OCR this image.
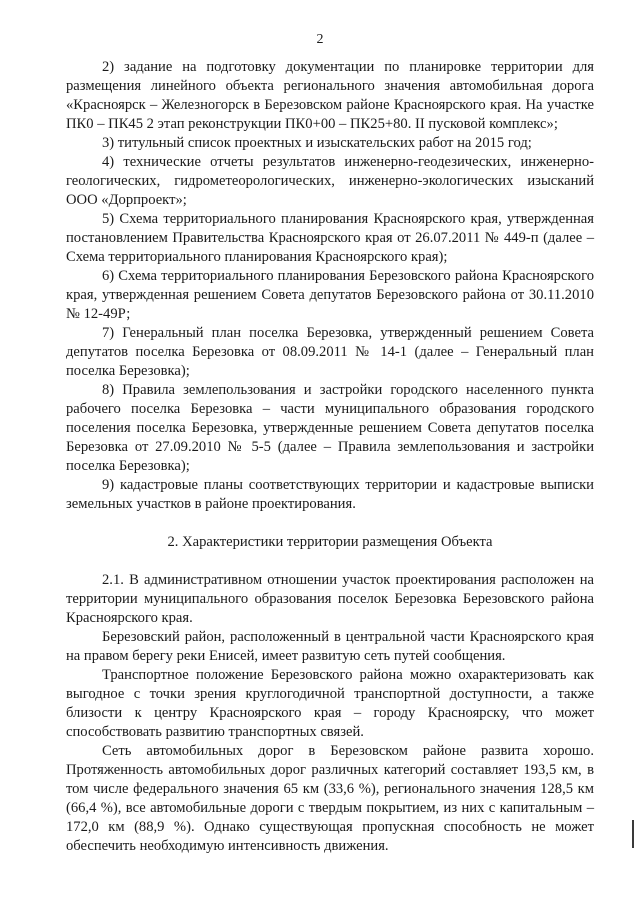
2

2) задание на подготовку документации по планировке территории для размещения линейного объекта регионального значения автомобильная дорога «Красноярск – Железногорск в Березовском районе Красноярского края. На участке ПК0 – ПК45 2 этап реконструкции ПК0+00 – ПК25+80. II пусковой комплекс»;

3) титульный список проектных и изыскательских работ на 2015 год;

4) технические отчеты результатов инженерно-геодезических, инженерно-геологических, гидрометеорологических, инженерно-экологических изысканий ООО «Дорпроект»;

5) Схема территориального планирования Красноярского края, утвержденная постановлением Правительства Красноярского края от 26.07.2011 № 449-п (далее – Схема территориального планирования Красноярского края);

6) Схема территориального планирования Березовского района Красноярского края, утвержденная решением Совета депутатов Березовского района от 30.11.2010 № 12-49Р;

7) Генеральный план поселка Березовка, утвержденный решением Совета депутатов поселка Березовка от 08.09.2011 № 14-1 (далее – Генеральный план поселка Березовка);

8) Правила землепользования и застройки городского населенного пункта рабочего поселка Березовка – части муниципального образования городского поселения поселка Березовка, утвержденные решением Совета депутатов поселка Березовка от 27.09.2010 № 5-5 (далее – Правила землепользования и застройки поселка Березовка);

9) кадастровые планы соответствующих территории и кадастровые выписки земельных участков в районе проектирования.

2. Характеристики территории размещения Объекта

2.1. В административном отношении участок проектирования расположен на территории муниципального образования поселок Березовка Березовского района Красноярского края.

Березовский район, расположенный в центральной части Красноярского края на правом берегу реки Енисей, имеет развитую сеть путей сообщения.

Транспортное положение Березовского района можно охарактеризовать как выгодное с точки зрения круглогодичной транспортной доступности, а также близости к центру Красноярского края – городу Красноярску, что может способствовать развитию транспортных связей.

Сеть автомобильных дорог в Березовском районе развита хорошо. Протяженность автомобильных дорог различных категорий составляет 193,5 км, в том числе федерального значения 65 км (33,6 %), регионального значения 128,5 км (66,4 %), все автомобильные дороги с твердым покрытием, из них с капитальным – 172,0 км (88,9 %). Однако существующая пропускная способность не может обеспечить необходимую интенсивность движения.
